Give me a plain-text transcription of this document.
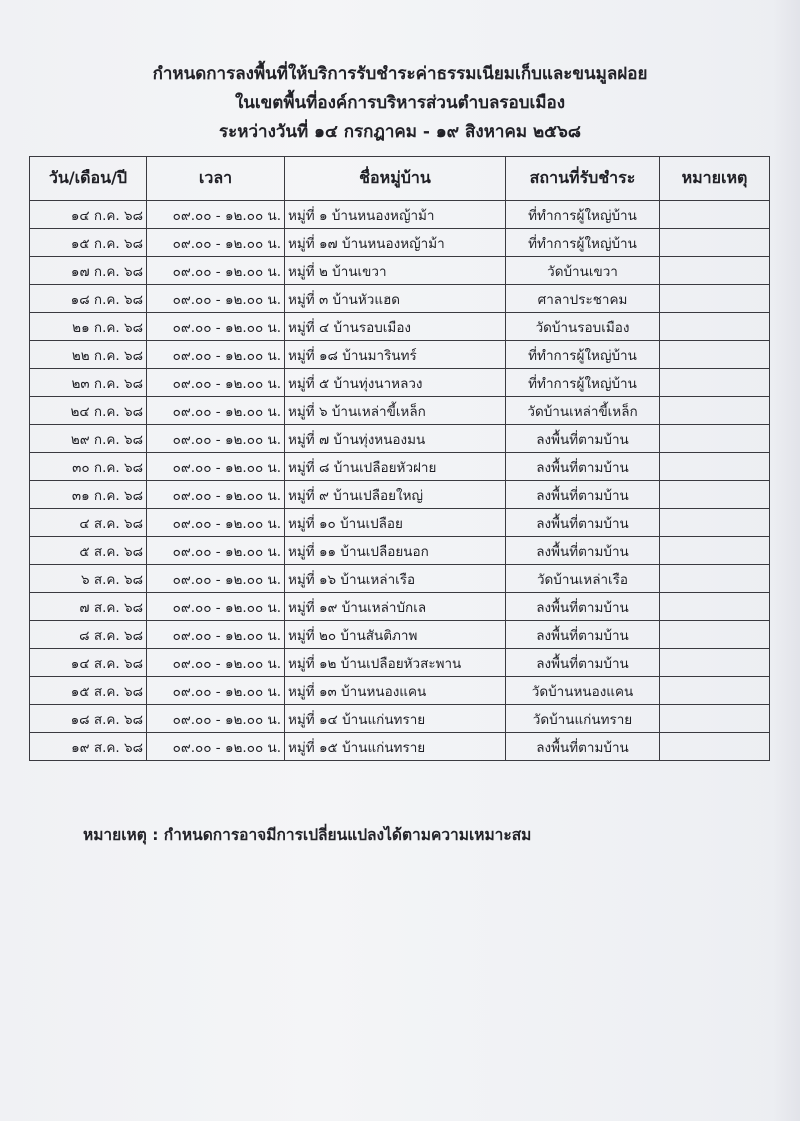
กำหนดการลงพื้นที่ให้บริการรับชำระค่าธรรมเนียมเก็บและขนมูลฝอย
ในเขตพื้นที่องค์การบริหารส่วนตำบลรอบเมือง
ระหว่างวันที่ ๑๔ กรกฎาคม - ๑๙ สิงหาคม ๒๕๖๘
วัน/เดือน/ปี	เวลา	ชื่อหมู่บ้าน	สถานที่รับชำระ	หมายเหตุ
๑๔ ก.ค. ๖๘	๐๙.๐๐ - ๑๒.๐๐ น.	หมู่ที่ ๑ บ้านหนองหญ้าม้า	ที่ทำการผู้ใหญ่บ้าน	
๑๕ ก.ค. ๖๘	๐๙.๐๐ - ๑๒.๐๐ น.	หมู่ที่ ๑๗ บ้านหนองหญ้าม้า	ที่ทำการผู้ใหญ่บ้าน	
๑๗ ก.ค. ๖๘	๐๙.๐๐ - ๑๒.๐๐ น.	หมู่ที่ ๒ บ้านเขวา	วัดบ้านเขวา	
๑๘ ก.ค. ๖๘	๐๙.๐๐ - ๑๒.๐๐ น.	หมู่ที่ ๓ บ้านหัวแฮด	ศาลาประชาคม	
๒๑ ก.ค. ๖๘	๐๙.๐๐ - ๑๒.๐๐ น.	หมู่ที่ ๔ บ้านรอบเมือง	วัดบ้านรอบเมือง	
๒๒ ก.ค. ๖๘	๐๙.๐๐ - ๑๒.๐๐ น.	หมู่ที่ ๑๘ บ้านมารินทร์	ที่ทำการผู้ใหญ่บ้าน	
๒๓ ก.ค. ๖๘	๐๙.๐๐ - ๑๒.๐๐ น.	หมู่ที่ ๕ บ้านทุ่งนาหลวง	ที่ทำการผู้ใหญ่บ้าน	
๒๔ ก.ค. ๖๘	๐๙.๐๐ - ๑๒.๐๐ น.	หมู่ที่ ๖ บ้านเหล่าขี้เหล็ก	วัดบ้านเหล่าขี้เหล็ก	
๒๙ ก.ค. ๖๘	๐๙.๐๐ - ๑๒.๐๐ น.	หมู่ที่ ๗ บ้านทุ่งหนองมน	ลงพื้นที่ตามบ้าน	
๓๐ ก.ค. ๖๘	๐๙.๐๐ - ๑๒.๐๐ น.	หมู่ที่ ๘ บ้านเปลือยหัวฝาย	ลงพื้นที่ตามบ้าน	
๓๑ ก.ค. ๖๘	๐๙.๐๐ - ๑๒.๐๐ น.	หมู่ที่ ๙ บ้านเปลือยใหญ่	ลงพื้นที่ตามบ้าน	
๔ ส.ค. ๖๘	๐๙.๐๐ - ๑๒.๐๐ น.	หมู่ที่ ๑๐ บ้านเปลือย	ลงพื้นที่ตามบ้าน	
๕ ส.ค. ๖๘	๐๙.๐๐ - ๑๒.๐๐ น.	หมู่ที่ ๑๑ บ้านเปลือยนอก	ลงพื้นที่ตามบ้าน	
๖ ส.ค. ๖๘	๐๙.๐๐ - ๑๒.๐๐ น.	หมู่ที่ ๑๖ บ้านเหล่าเรือ	วัดบ้านเหล่าเรือ	
๗ ส.ค. ๖๘	๐๙.๐๐ - ๑๒.๐๐ น.	หมู่ที่ ๑๙ บ้านเหล่าบักเล	ลงพื้นที่ตามบ้าน	
๘ ส.ค. ๖๘	๐๙.๐๐ - ๑๒.๐๐ น.	หมู่ที่ ๒๐ บ้านสันติภาพ	ลงพื้นที่ตามบ้าน	
๑๔ ส.ค. ๖๘	๐๙.๐๐ - ๑๒.๐๐ น.	หมู่ที่ ๑๒ บ้านเปลือยหัวสะพาน	ลงพื้นที่ตามบ้าน	
๑๕ ส.ค. ๖๘	๐๙.๐๐ - ๑๒.๐๐ น.	หมู่ที่ ๑๓ บ้านหนองแคน	วัดบ้านหนองแคน	
๑๘ ส.ค. ๖๘	๐๙.๐๐ - ๑๒.๐๐ น.	หมู่ที่ ๑๔ บ้านแก่นทราย	วัดบ้านแก่นทราย	
๑๙ ส.ค. ๖๘	๐๙.๐๐ - ๑๒.๐๐ น.	หมู่ที่ ๑๕ บ้านแก่นทราย	ลงพื้นที่ตามบ้าน	
หมายเหตุ : กำหนดการอาจมีการเปลี่ยนแปลงได้ตามความเหมาะสม
